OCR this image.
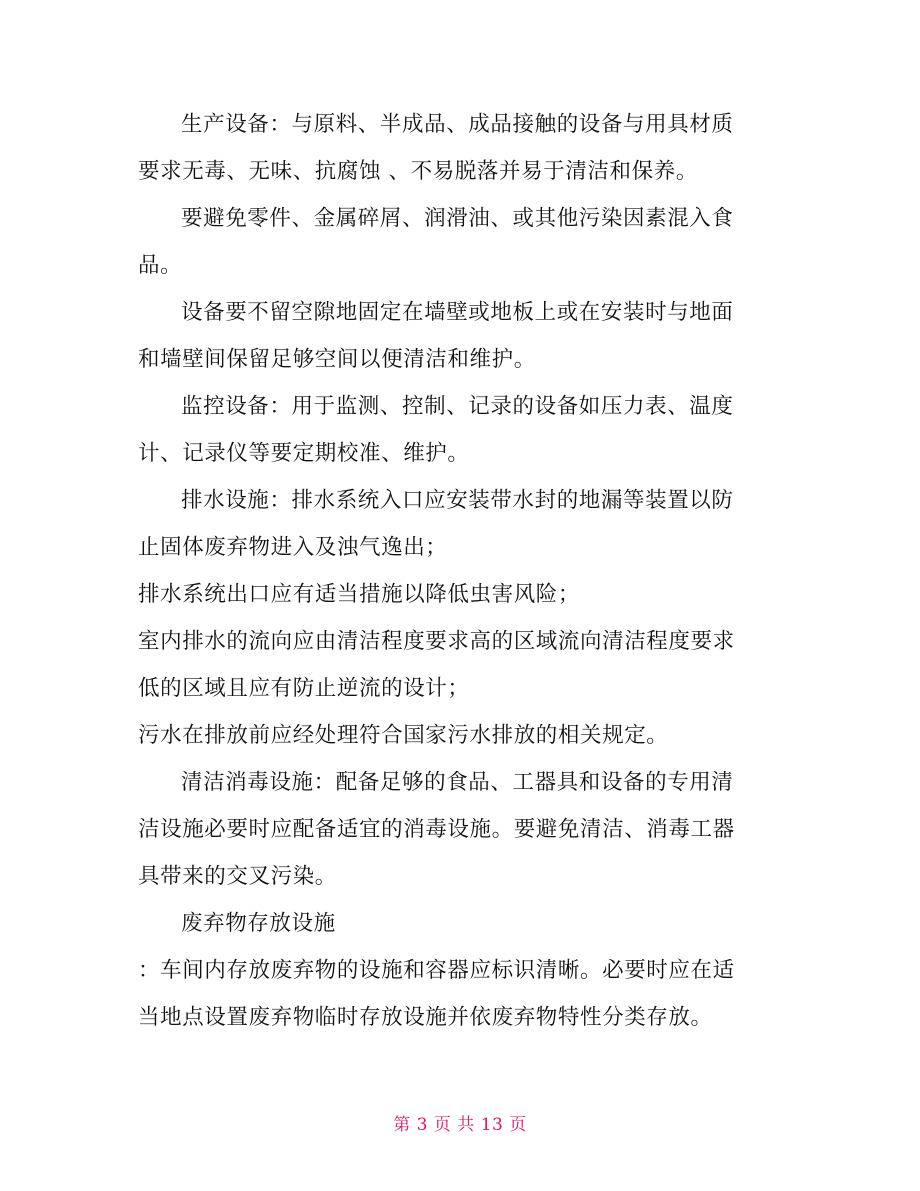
生产设备：与原料、半成品、成品接触的设备与用具材质
要求无毒、无味、抗腐蚀 、不易脱落并易于清洁和保养。
要避免零件、金属碎屑、润滑油、或其他污染因素混入食
品。
设备要不留空隙地固定在墙壁或地板上或在安装时与地面
和墙壁间保留足够空间以便清洁和维护。
监控设备：用于监测、控制、记录的设备如压力表、温度
计、记录仪等要定期校准、维护。
排水设施：排水系统入口应安装带水封的地漏等装置以防
止固体废弃物进入及浊气逸出；
排水系统出口应有适当措施以降低虫害风险；
室内排水的流向应由清洁程度要求高的区域流向清洁程度要求
低的区域且应有防止逆流的设计；
污水在排放前应经处理符合国家污水排放的相关规定。
清洁消毒设施：配备足够的食品、工器具和设备的专用清
洁设施必要时应配备适宜的消毒设施。要避免清洁、消毒工器
具带来的交叉污染。
废弃物存放设施
：车间内存放废弃物的设施和容器应标识清晰。必要时应在适
当地点设置废弃物临时存放设施并依废弃物特性分类存放。
第 3 页 共 13 页
